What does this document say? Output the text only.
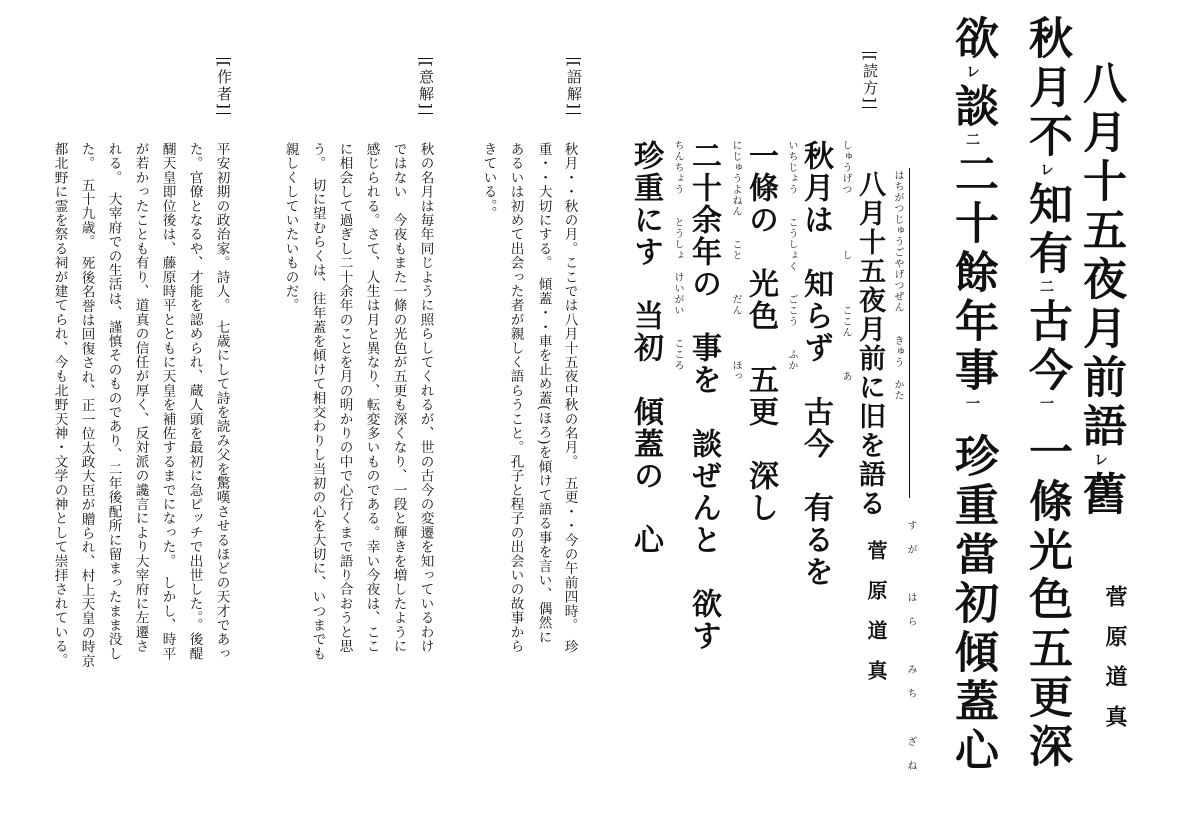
八月十五夜月前語レ舊
菅原道真
秋月不レ知有二古今一一條光色五更深
欲レ談二二十餘年事一珍重當初傾蓋心
[読方]
はちがつじゅうごやげつぜん　　きゅう　かた
八月十五夜月前に旧を語る
しゅうげつ　　　　　し　　　　ここん　　　あ
秋月は　知らず　古今　有るを
いちじょう　　こうしょく　　ごこう　　ふか
一條の　光色　五更　深し
にじゅうよねん　　こと　　　だん　　　　ほっ
二十余年の　事を　談ぜんと　欲す
ちんちょう　　とうしょ　けいがい　　こころ
珍重にす　当初　傾蓋の　心
すが　はら　みち　ざね
菅原道真
[語解]
秋月・・秋の月。ここでは八月十五夜中秋の名月。　五更・・今の午前四時。　珍
重・・大切にする。　傾蓋・・車を止め蓋(ほろ)を傾けて語る事を言い、偶然に
あるいは初めて出会った者が親しく語らうこと。孔子と程子の出会いの故事から
きている。。
[意解]
秋の名月は毎年同じように照らしてくれるが、世の古今の変遷を知っているわけ
ではない　今夜もまた一條の光色が五更も深くなり、一段と輝きを増したように
感じられる。さて、人生は月と異なり、転変多いものである。幸い今夜は、ここ
に相会して過ぎし二十余年のことを月の明かりの中で心行くまで語り合おうと思
う。　切に望むらくは、往年蓋を傾けて相交わりし当初の心を大切に、いつまでも
親しくしていたいものだ。
[作者]
平安初期の政治家。詩人。　七歳にして詩を読み父を驚嘆させるほどの天才であっ
た。官僚となるや、才能を認められ、蔵人頭を最初に急ピッチで出世した。。後醍
醐天皇即位後は、藤原時平とともに天皇を補佐するまでになった。　しかし、時平
が若かったことも有り、道真の信任が厚く、反対派の讒言により大宰府に左遷さ
れる。　大宰府での生活は、謹慎そのものであり、二年後配所に留まったまま没し
た。　五十九歳。　死後名誉は回復され、正一位太政大臣が贈られ、村上天皇の時京
都北野に霊を祭る祠が建てられ、今も北野天神・文学の神として崇拝されている。
